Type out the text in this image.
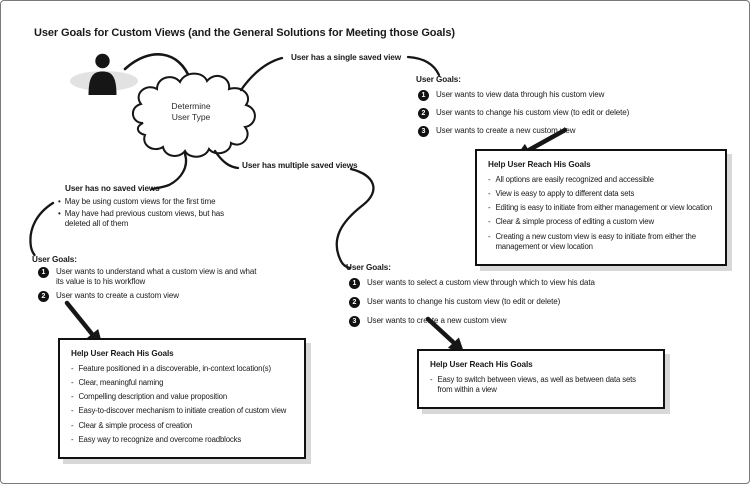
User Goals for Custom Views (and the General Solutions for Meeting those Goals)
Determine
User Type
User has a single saved view
User has multiple saved views
User has no saved views
• May be using custom views for the first time
• May have had previous custom views, but has deleted all of them
User Goals:
1	User wants to understand what a custom view is and what its value is to his workflow
2	User wants to create a custom view
User Goals:
1	User wants to view data through his custom view
2	User wants to change his custom view (to edit or delete)
3	User wants to create a new custom view
User Goals:
1	User wants to select a custom view through which to view his data
2	User wants to change his custom view (to edit or delete)
3	User wants to create a new custom view
Help User Reach His Goals
- Feature positioned in a discoverable, in-context location(s)
- Clear, meaningful naming
- Compelling description and value proposition
- Easy-to-discover mechanism to initiate creation of custom view
- Clear & simple process of creation
- Easy way to recognize and overcome roadblocks
Help User Reach His Goals
- All options are easily recognized and accessible
- View is easy to apply to different data sets
- Editing is easy to initiate from either management or view location
- Clear & simple process of editing a custom view
- Creating a new custom view is easy to initiate from either the management or view location
Help User Reach His Goals
- Easy to switch between views, as well as between data sets from within a view
